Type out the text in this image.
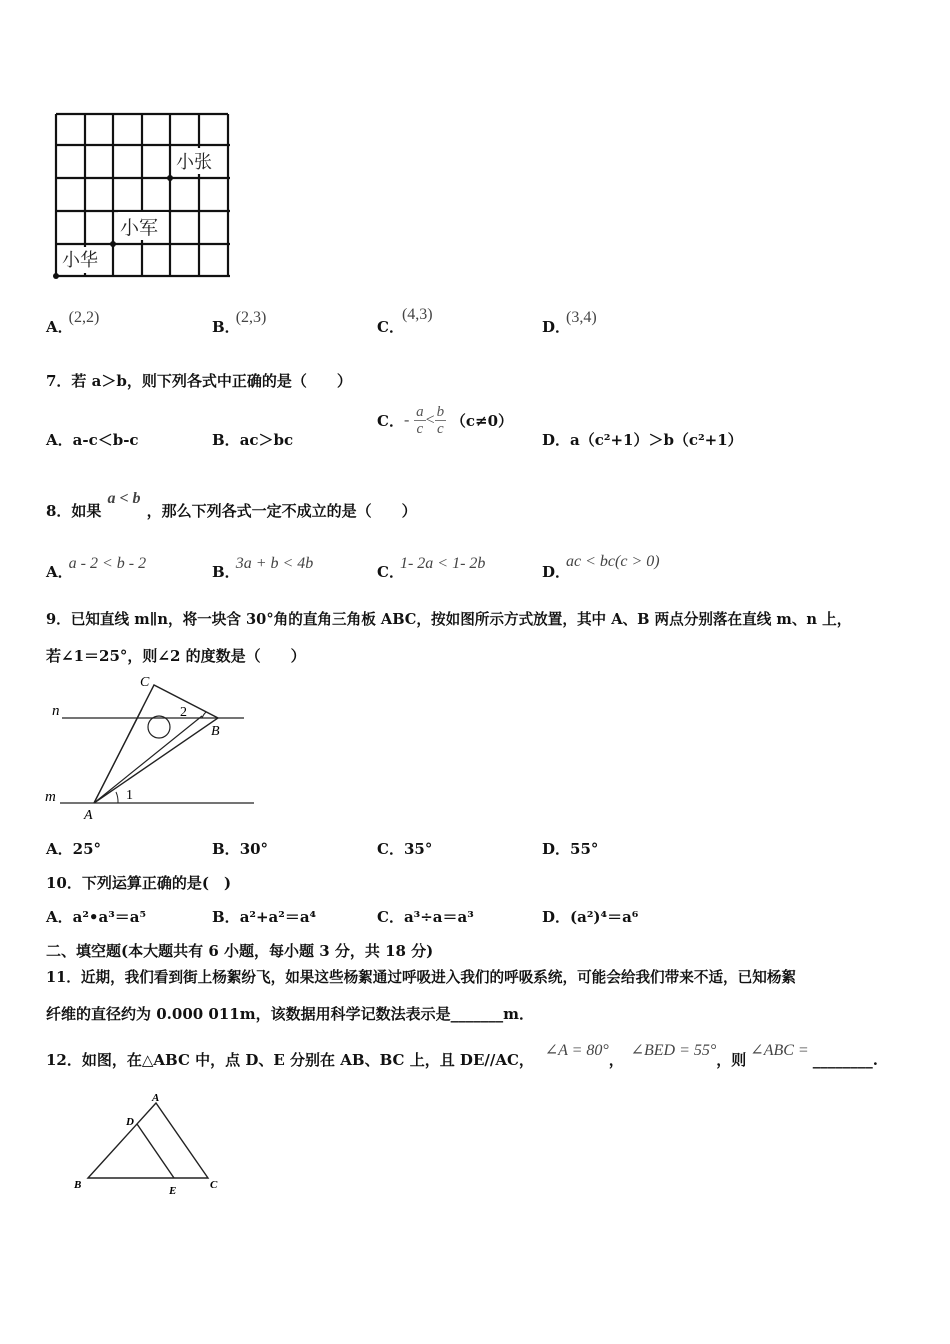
小张
小军
小华
A．(2,2)
B．(2,3)
C．(4,3)
D．(3,4)
7．若 a＞b，则下列各式中正确的是（　　）
A．a-c＜b-c	B．ac＞bc
C．- $\frac{a}{c} < \frac{b}{c} (c\ne 0)$
D．a（c²+1）＞b（c²+1）
8．如果a < b，那么下列各式一定不成立的是（　　）
A．a - 2 < b - 2	B．3a + b < 4b	C．1- 2a < 1- 2b	D．ac < bc(c > 0)
9．已知直线 m∥n，将一块含 30°角的直角三角板 ABC，按如图所示方式放置，其中 A、B 两点分别落在直线 m、n 上，
若∠1＝25°，则∠2 的度数是（　　）
C
n	2
B
m	1
A
A．25°	B．30°	C．35°	D．55°
10．下列运算正确的是(　)
A．a²•a³＝a⁵	B．a²+a²＝a⁴	C．a³÷a＝a³	D．(a²)⁴＝a⁶
二、填空题(本大题共有 6 小题，每小题 3 分，共 18 分)
11．近期，我们看到街上杨絮纷飞，如果这些杨絮通过呼吸进入我们的呼吸系统，可能会给我们带来不适，已知杨絮
纤维的直径约为 0.000 011m，该数据用科学记数法表示是_______m．
12．如图，在△ABC 中，点 D、E 分别在 AB、BC 上，且 DE//AC， ∠A = 80°， ∠BED = 55°，则∠ABC =________.
A
D
B	E	C
